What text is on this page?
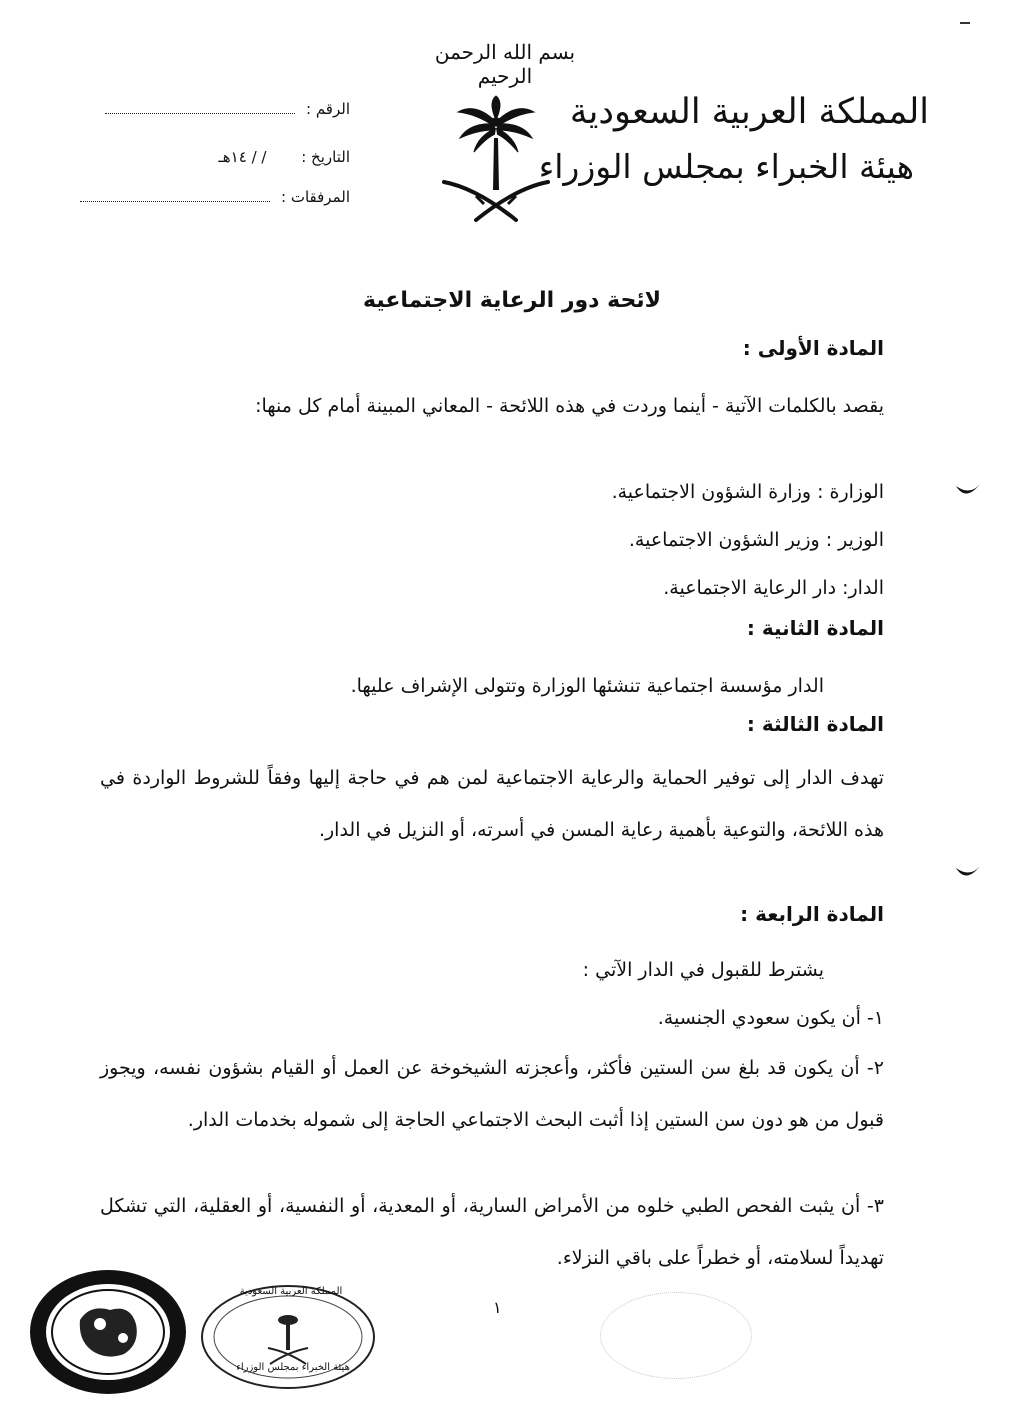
بسم الله الرحمن الرحيم
المملكة العربية السعودية
هيئة الخبراء بمجلس الوزراء
الرقم :
التاريخ : / / ١٤هـ
المرفقات :
لائحة دور الرعاية الاجتماعية
المادة الأولى :
يقصد بالكلمات الآتية - أينما وردت في هذه اللائحة - المعاني المبينة أمام كل منها:
الوزارة : وزارة الشؤون الاجتماعية.
الوزير : وزير الشؤون الاجتماعية.
الدار: دار الرعاية الاجتماعية.
المادة الثانية :
الدار مؤسسة اجتماعية تنشئها الوزارة وتتولى الإشراف عليها.
المادة الثالثة :
تهدف الدار إلى توفير الحماية والرعاية الاجتماعية لمن هم في حاجة إليها وفقاً للشروط الواردة في هذه اللائحة، والتوعية بأهمية رعاية المسن في أسرته، أو النزيل في الدار.
المادة الرابعة :
يشترط للقبول في الدار الآتي :
١- أن يكون سعودي الجنسية.
٢- أن يكون قد بلغ سن الستين فأكثر، وأعجزته الشيخوخة عن العمل أو القيام بشؤون نفسه، ويجوز قبول من هو دون سن الستين إذا أثبت البحث الاجتماعي الحاجة إلى شموله بخدمات الدار.
٣- أن يثبت الفحص الطبي خلوه من الأمراض السارية، أو المعدية، أو النفسية، أو العقلية، التي تشكل تهديداً لسلامته، أو خطراً على باقي النزلاء.
١
المملكة العربية السعودية
هيئة الخبراء بمجلس الوزراء
